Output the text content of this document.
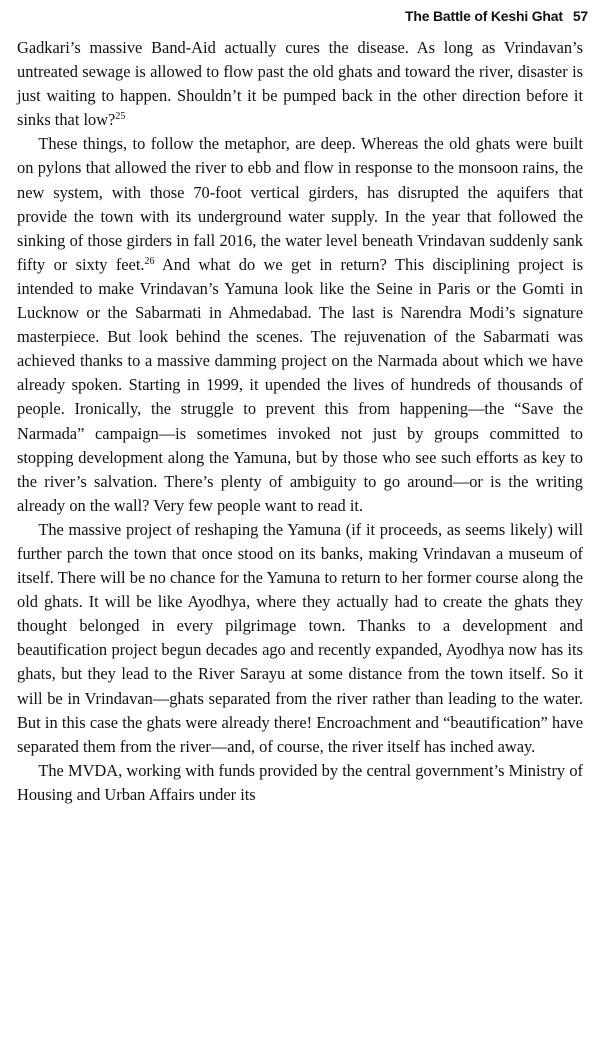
The Battle of Keshi Ghat 57

Gadkari’s massive Band-Aid actually cures the disease. As long as Vrindavan’s untreated sewage is allowed to flow past the old ghats and toward the river, disaster is just waiting to happen. Shouldn’t it be pumped back in the other direction before it sinks that low?$^{25}$

These things, to follow the metaphor, are deep. Whereas the old ghats were built on pylons that allowed the river to ebb and flow in response to the monsoon rains, the new system, with those 70-foot vertical girders, has disrupted the aquifers that provide the town with its underground water supply. In the year that followed the sinking of those girders in fall 2016, the water level beneath Vrindavan suddenly sank fifty or sixty feet.$^{26}$ And what do we get in return? This disciplining project is intended to make Vrindavan’s Yamuna look like the Seine in Paris or the Gomti in Lucknow or the Sabarmati in Ahmedabad. The last is Narendra Modi’s signature masterpiece. But look behind the scenes. The rejuvenation of the Sabarmati was achieved thanks to a massive damming project on the Narmada about which we have already spoken. Starting in 1999, it upended the lives of hundreds of thousands of people. Ironically, the struggle to prevent this from happening—the “Save the Narmada” campaign—is sometimes invoked not just by groups committed to stopping development along the Yamuna, but by those who see such efforts as key to the river’s salvation. There’s plenty of ambiguity to go around—or is the writing already on the wall? Very few people want to read it.

The massive project of reshaping the Yamuna (if it proceeds, as seems likely) will further parch the town that once stood on its banks, making Vrindavan a museum of itself. There will be no chance for the Yamuna to return to her former course along the old ghats. It will be like Ayodhya, where they actually had to create the ghats they thought belonged in every pilgrimage town. Thanks to a development and beautification project begun decades ago and recently expanded, Ayodhya now has its ghats, but they lead to the River Sarayu at some distance from the town itself. So it will be in Vrindavan—ghats separated from the river rather than leading to the water. But in this case the ghats were already there! Encroachment and “beautification” have separated them from the river—and, of course, the river itself has inched away.

The MVDA, working with funds provided by the central government’s Ministry of Housing and Urban Affairs under its
